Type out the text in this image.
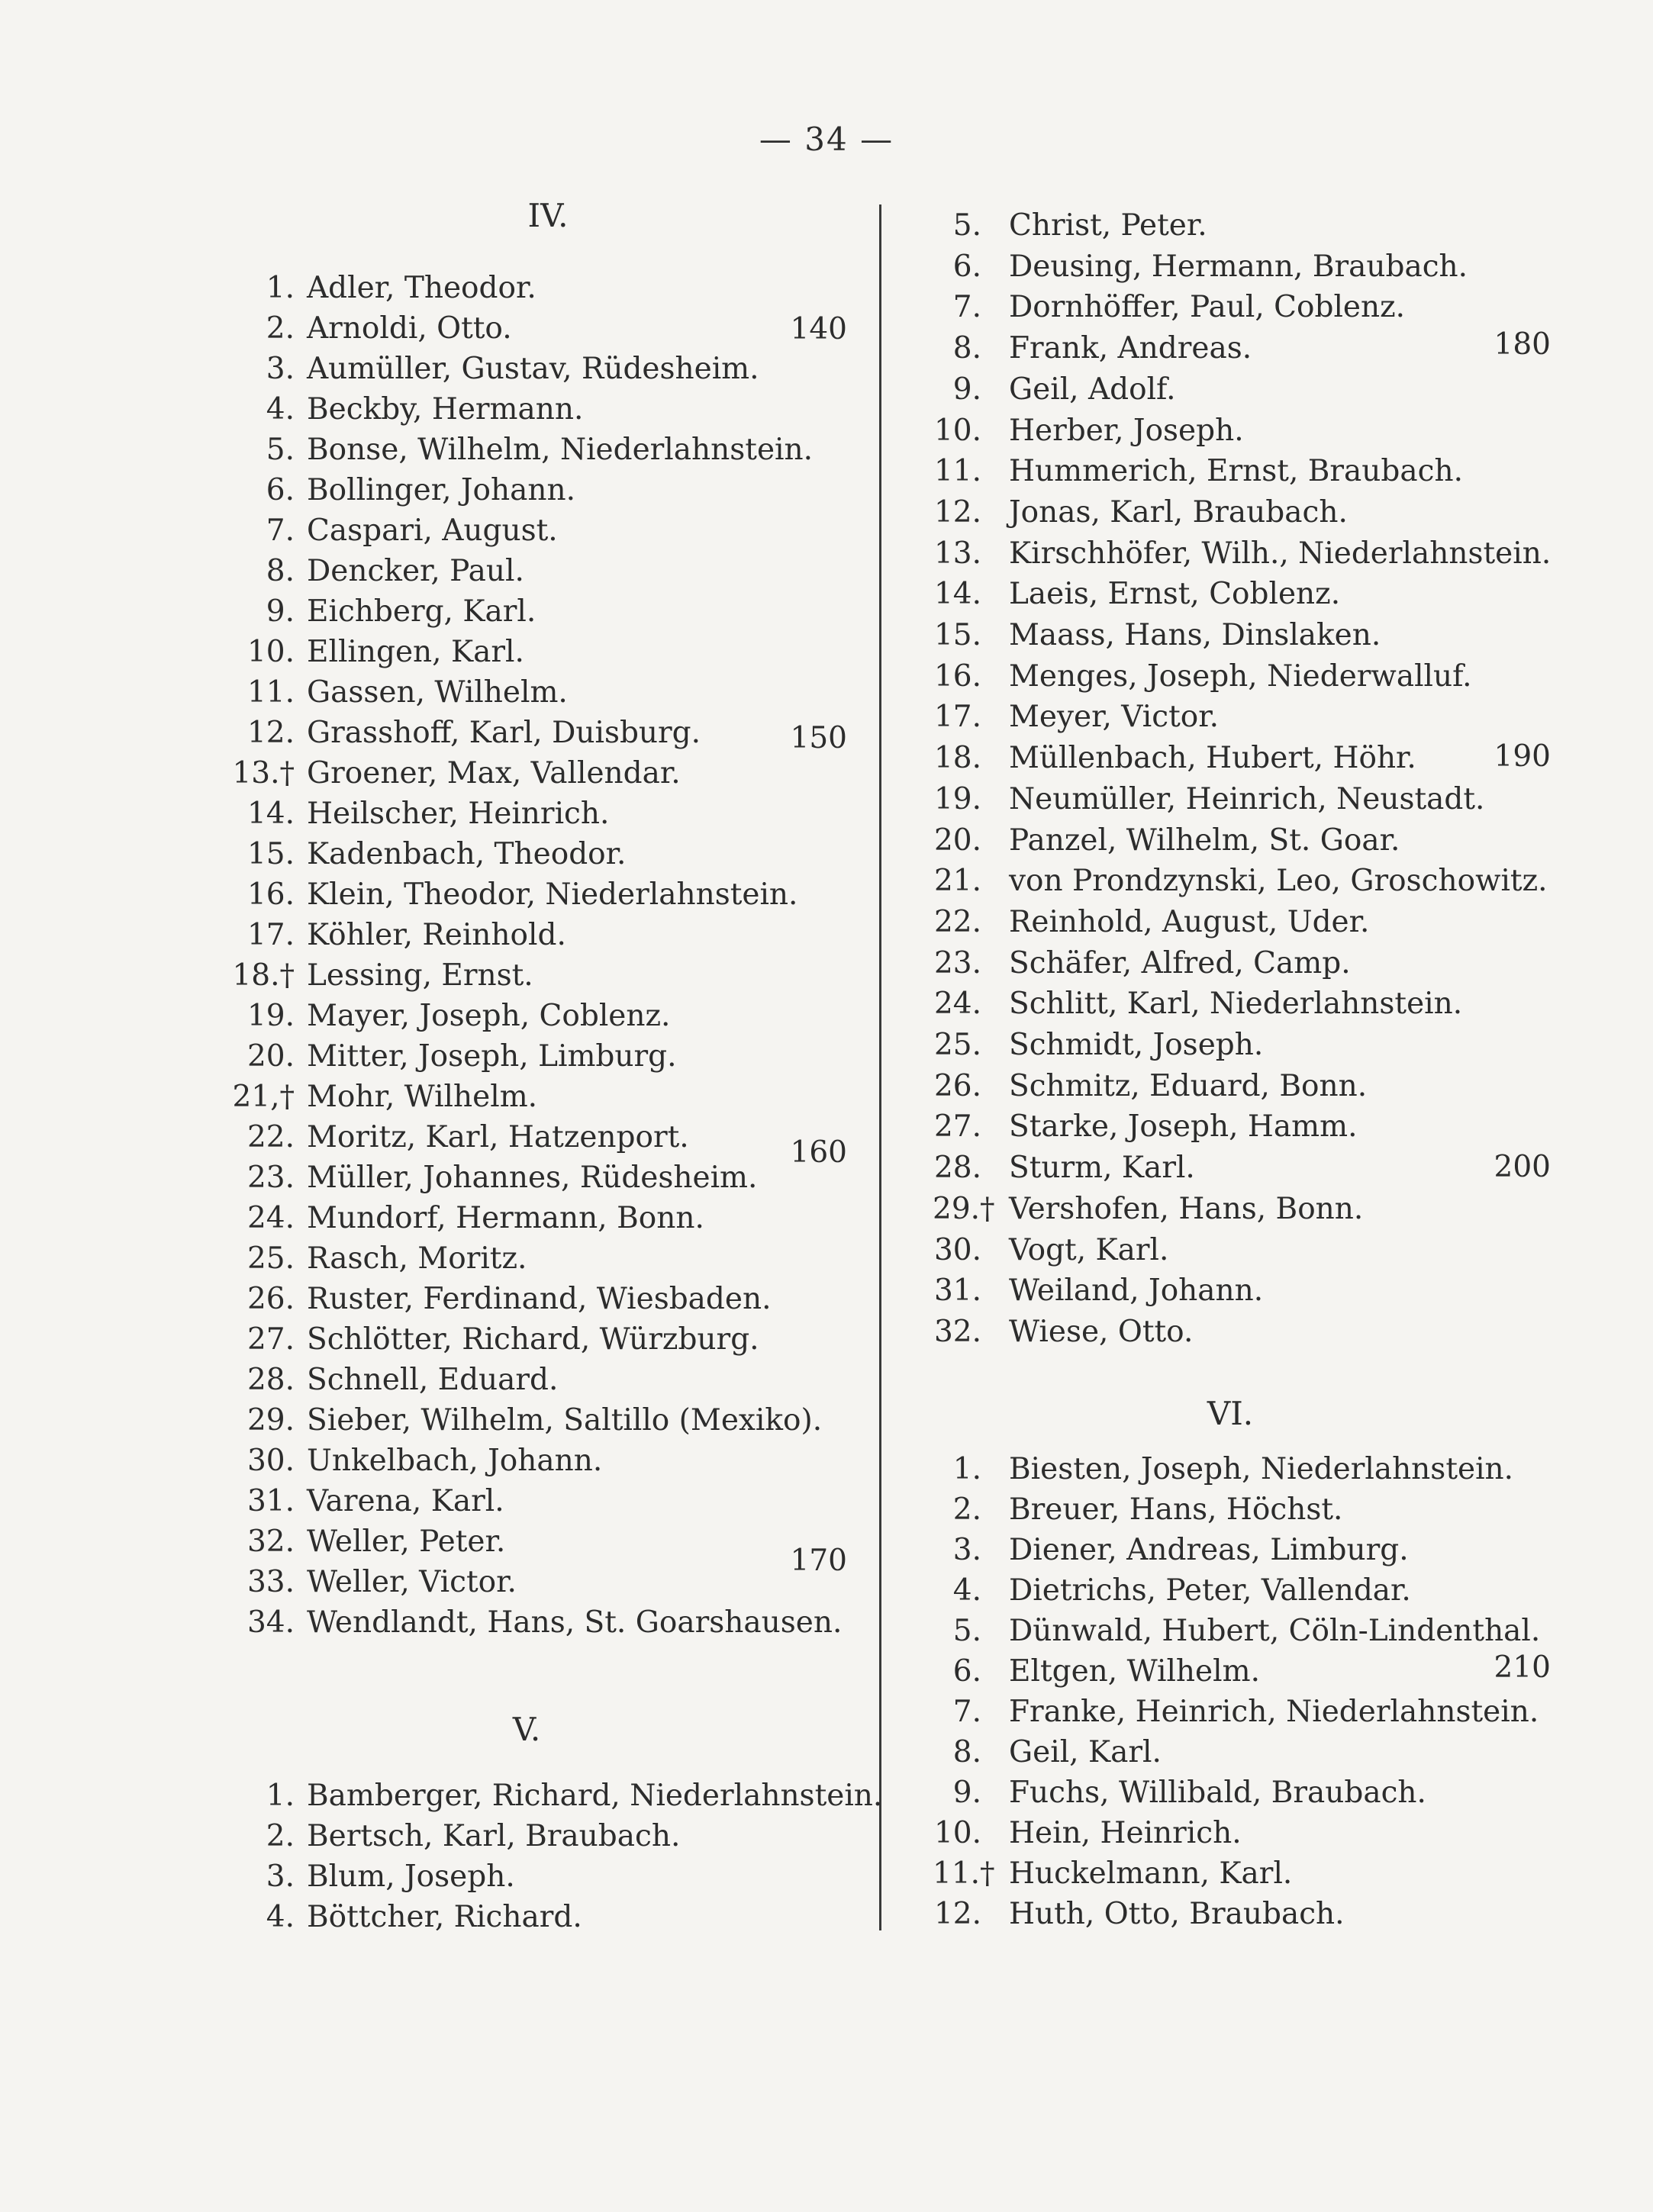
— 34 —
IV.
1. Adler, Theodor.
2. Arnoldi, Otto.
3. Aumüller, Gustav, Rüdesheim.
4. Beckby, Hermann.
5. Bonse, Wilhelm, Niederlahnstein.
6. Bollinger, Johann.
7. Caspari, August.
8. Dencker, Paul.
9. Eichberg, Karl.
10. Ellingen, Karl.
11. Gassen, Wilhelm.
12. Grasshoff, Karl, Duisburg.
13.† Groener, Max, Vallendar.
14. Heilscher, Heinrich.
15. Kadenbach, Theodor.
16. Klein, Theodor, Niederlahnstein.
17. Köhler, Reinhold.
18.† Lessing, Ernst.
19. Mayer, Joseph, Coblenz.
20. Mitter, Joseph, Limburg.
21,† Mohr, Wilhelm.
22. Moritz, Karl, Hatzenport.
23. Müller, Johannes, Rüdesheim.
24. Mundorf, Hermann, Bonn.
25. Rasch, Moritz.
26. Ruster, Ferdinand, Wiesbaden.
27. Schlötter, Richard, Würzburg.
28. Schnell, Eduard.
29. Sieber, Wilhelm, Saltillo (Mexiko).
30. Unkelbach, Johann.
31. Varena, Karl.
32. Weller, Peter.
33. Weller, Victor.
34. Wendlandt, Hans, St. Goarshausen.
V.
1. Bamberger, Richard, Niederlahnstein.
2. Bertsch, Karl, Braubach.
3. Blum, Joseph.
4. Böttcher, Richard.
140
150
160
170
5. Christ, Peter.
6. Deusing, Hermann, Braubach.
7. Dornhöffer, Paul, Coblenz.
8. Frank, Andreas.
9. Geil, Adolf.
10. Herber, Joseph.
11. Hummerich, Ernst, Braubach.
12. Jonas, Karl, Braubach.
13. Kirschhöfer, Wilh., Niederlahnstein.
14. Laeis, Ernst, Coblenz.
15. Maass, Hans, Dinslaken.
16. Menges, Joseph, Niederwalluf.
17. Meyer, Victor.
18. Müllenbach, Hubert, Höhr.
19. Neumüller, Heinrich, Neustadt.
20. Panzel, Wilhelm, St. Goar.
21. von Prondzynski, Leo, Groschowitz.
22. Reinhold, August, Uder.
23. Schäfer, Alfred, Camp.
24. Schlitt, Karl, Niederlahnstein.
25. Schmidt, Joseph.
26. Schmitz, Eduard, Bonn.
27. Starke, Joseph, Hamm.
28. Sturm, Karl.
29.† Vershofen, Hans, Bonn.
30. Vogt, Karl.
31. Weiland, Johann.
32. Wiese, Otto.
VI.
1. Biesten, Joseph, Niederlahnstein.
2. Breuer, Hans, Höchst.
3. Diener, Andreas, Limburg.
4. Dietrichs, Peter, Vallendar.
5. Dünwald, Hubert, Cöln-Lindenthal.
6. Eltgen, Wilhelm.
7. Franke, Heinrich, Niederlahnstein.
8. Geil, Karl.
9. Fuchs, Willibald, Braubach.
10. Hein, Heinrich.
11.† Huckelmann, Karl.
12. Huth, Otto, Braubach.
180
190
200
210
